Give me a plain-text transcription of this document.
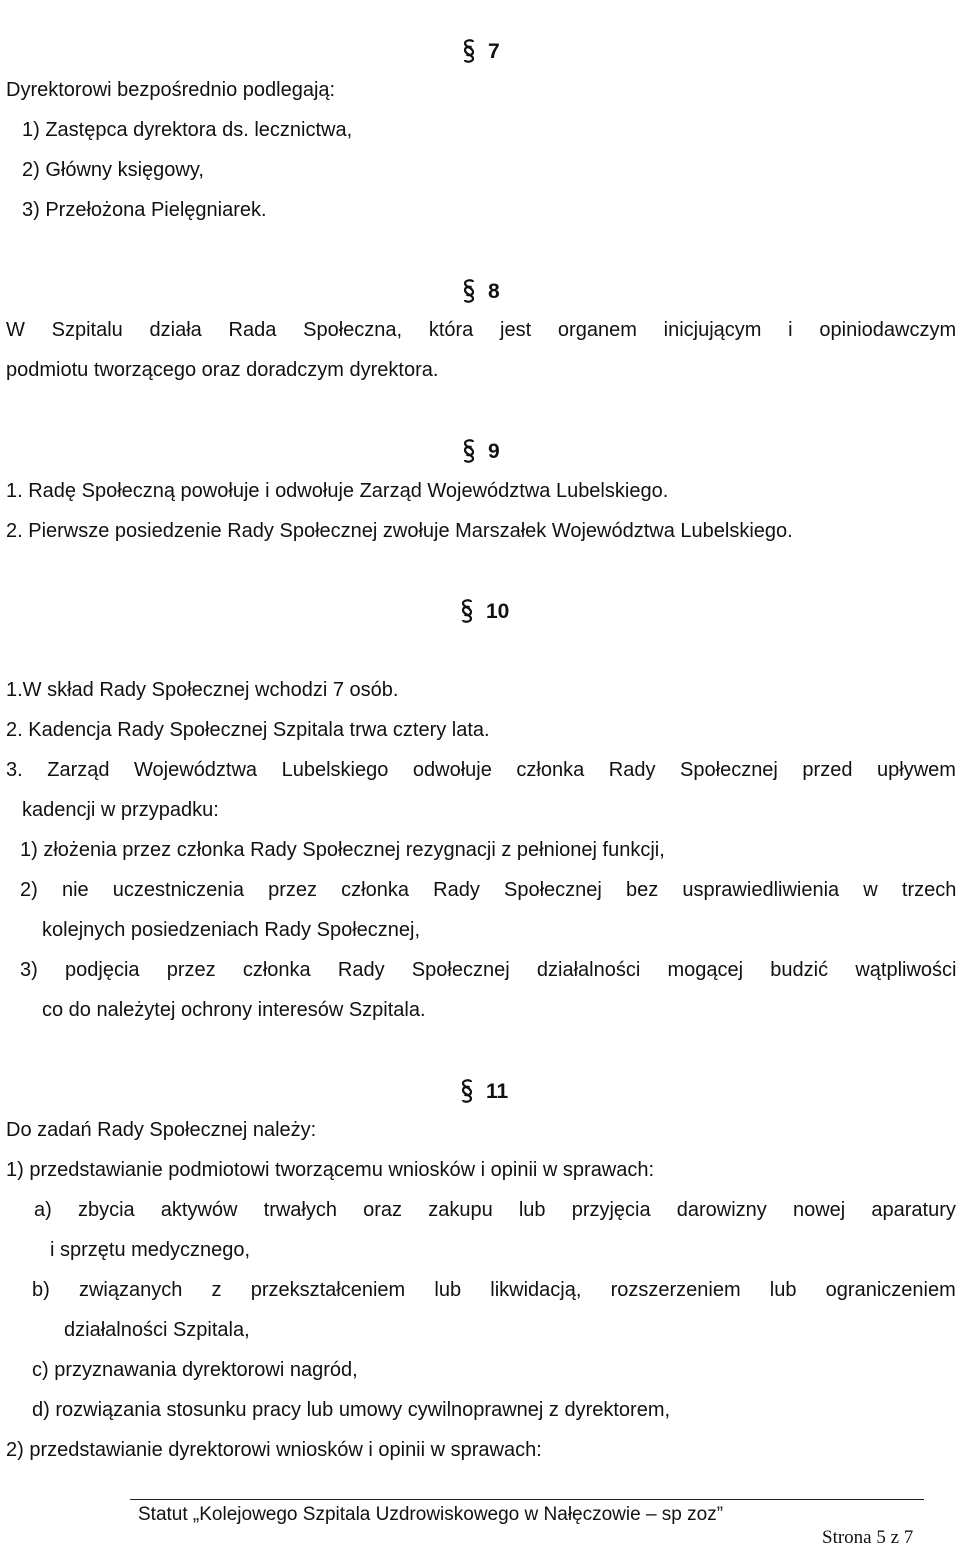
7
Dyrektorowi bezpośrednio podlegają:
1) Zastępca dyrektora ds. lecznictwa,
2) Główny księgowy,
3) Przełożona Pielęgniarek.
8
W Szpitalu działa Rada Społeczna, która jest organem inicjującym i opiniodawczym
podmiotu tworzącego oraz doradczym dyrektora.
9
1. Radę Społeczną powołuje i odwołuje Zarząd Województwa Lubelskiego.
2. Pierwsze posiedzenie Rady Społecznej zwołuje Marszałek Województwa Lubelskiego.
10
1.W skład Rady Społecznej wchodzi 7 osób.
2. Kadencja Rady Społecznej Szpitala trwa cztery lata.
3. Zarząd Województwa Lubelskiego odwołuje członka Rady Społecznej przed upływem
kadencji w przypadku:
1) złożenia przez członka Rady Społecznej rezygnacji z pełnionej funkcji,
2) nie uczestniczenia przez członka Rady Społecznej bez usprawiedliwienia w trzech
kolejnych posiedzeniach Rady Społecznej,
3) podjęcia przez członka Rady Społecznej działalności mogącej budzić wątpliwości
co do należytej ochrony interesów Szpitala.
11
Do zadań Rady Społecznej należy:
1) przedstawianie podmiotowi tworzącemu wniosków i opinii w sprawach:
a) zbycia aktywów trwałych oraz zakupu lub przyjęcia darowizny nowej aparatury
i sprzętu medycznego,
b) związanych z przekształceniem lub likwidacją, rozszerzeniem lub ograniczeniem
działalności Szpitala,
c) przyznawania dyrektorowi nagród,
d) rozwiązania stosunku pracy lub umowy cywilnoprawnej z dyrektorem,
2) przedstawianie dyrektorowi wniosków i opinii w sprawach:
Statut „Kolejowego Szpitala Uzdrowiskowego w Nałęczowie – sp zoz”
Strona 5 z 7
